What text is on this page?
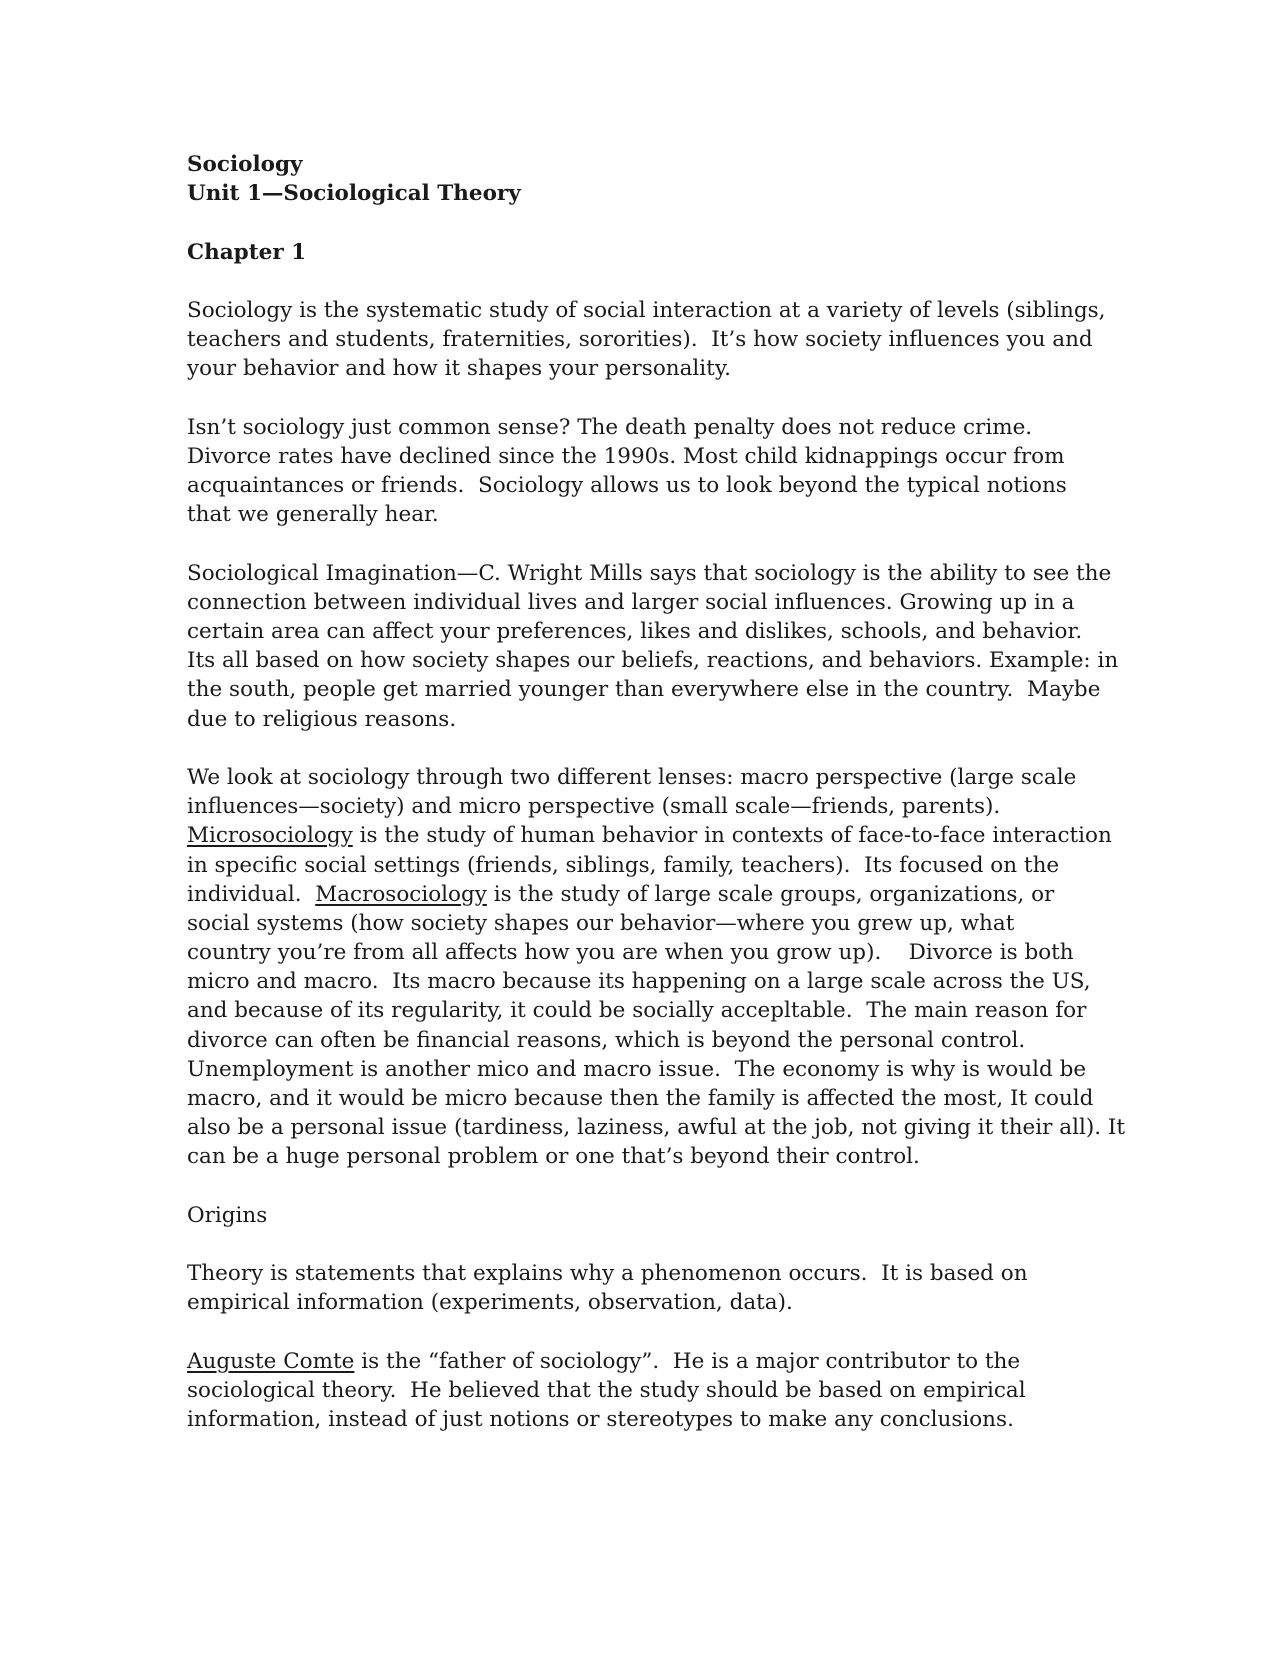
Sociology
Unit 1—Sociological Theory
Chapter 1
Sociology is the systematic study of social interaction at a variety of levels (siblings,
teachers and students, fraternities, sororities).  It’s how society influences you and
your behavior and how it shapes your personality.
Isn’t sociology just common sense? The death penalty does not reduce crime.
Divorce rates have declined since the 1990s. Most child kidnappings occur from
acquaintances or friends.  Sociology allows us to look beyond the typical notions
that we generally hear.
Sociological Imagination—C. Wright Mills says that sociology is the ability to see the
connection between individual lives and larger social influences. Growing up in a
certain area can affect your preferences, likes and dislikes, schools, and behavior.
Its all based on how society shapes our beliefs, reactions, and behaviors. Example: in
the south, people get married younger than everywhere else in the country.  Maybe
due to religious reasons.
We look at sociology through two different lenses: macro perspective (large scale
influences—society) and micro perspective (small scale—friends, parents).
Microsociology is the study of human behavior in contexts of face-to-face interaction
in specific social settings (friends, siblings, family, teachers).  Its focused on the
individual.  Macrosociology is the study of large scale groups, organizations, or
social systems (how society shapes our behavior—where you grew up, what
country you’re from all affects how you are when you grow up).    Divorce is both
micro and macro.  Its macro because its happening on a large scale across the US,
and because of its regularity, it could be socially accepltable.  The main reason for
divorce can often be financial reasons, which is beyond the personal control.
Unemployment is another mico and macro issue.  The economy is why is would be
macro, and it would be micro because then the family is affected the most, It could
also be a personal issue (tardiness, laziness, awful at the job, not giving it their all). It
can be a huge personal problem or one that’s beyond their control.
Origins
Theory is statements that explains why a phenomenon occurs.  It is based on
empirical information (experiments, observation, data).
Auguste Comte is the “father of sociology”.  He is a major contributor to the
sociological theory.  He believed that the study should be based on empirical
information, instead of just notions or stereotypes to make any conclusions.
